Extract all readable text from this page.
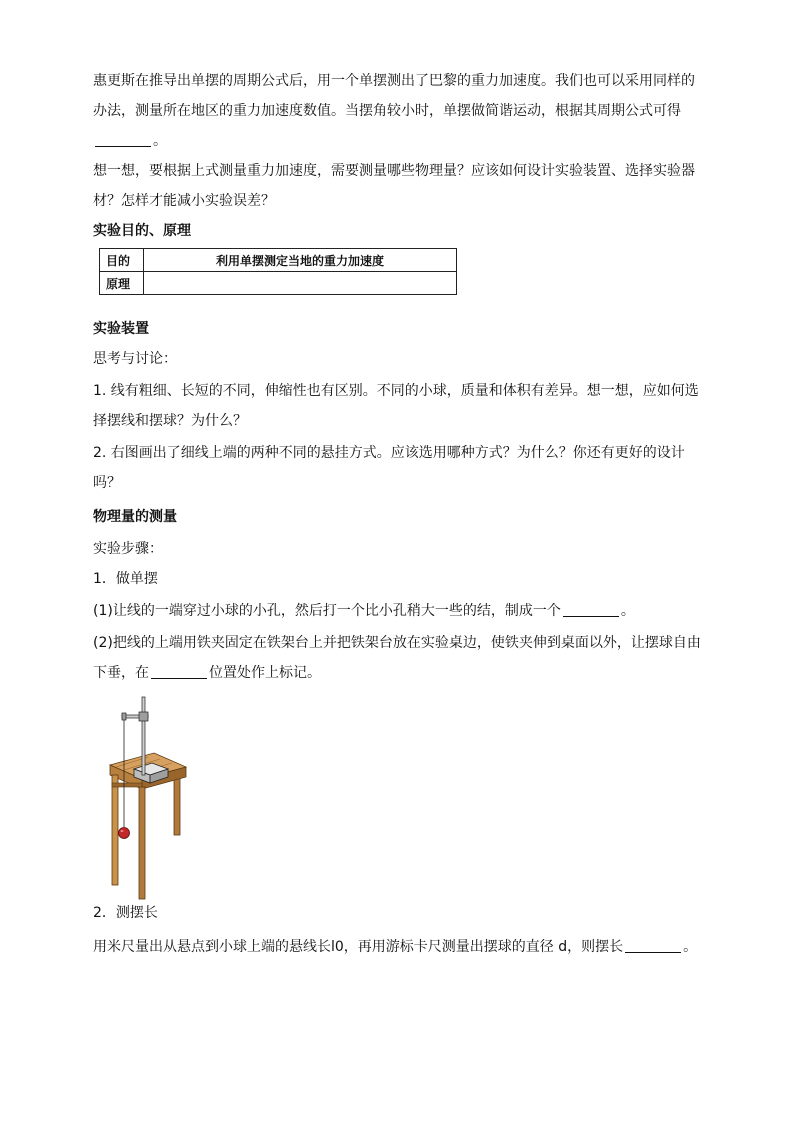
惠更斯在推导出单摆的周期公式后，用一个单摆测出了巴黎的重力加速度。我们也可以采用同样的
办法，测量所在地区的重力加速度数值。当摆角较小时，单摆做简谐运动，根据其周期公式可得
。
想一想，要根据上式测量重力加速度，需要测量哪些物理量？应该如何设计实验装置、选择实验器
材？怎样才能减小实验误差？
实验目的、原理
目的	利用单摆测定当地的重力加速度
原理	
实验装置
思考与讨论：
1. 线有粗细、长短的不同，伸缩性也有区别。不同的小球，质量和体积有差异。想一想，应如何选
择摆线和摆球？为什么？
2. 右图画出了细线上端的两种不同的悬挂方式。应该选用哪种方式？为什么？你还有更好的设计
吗？
物理量的测量
实验步骤：
1．做单摆
(1)让线的一端穿过小球的小孔，然后打一个比小孔稍大一些的结，制成一个	。
(2)把线的上端用铁夹固定在铁架台上并把铁架台放在实验桌边，使铁夹伸到桌面以外，让摆球自由
下垂，在	位置处作上标记。
2．测摆长
用米尺量出从悬点到小球上端的悬线长l0，再用游标卡尺测量出摆球的直径 d，则摆长	。
